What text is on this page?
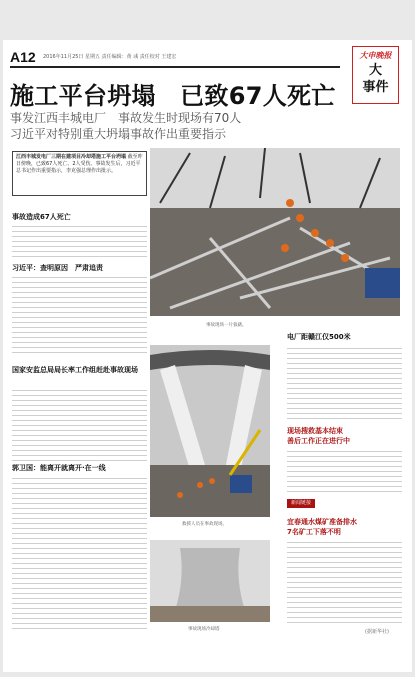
A12 2016年11月25日 星期五 责任编辑：黄 彧 责任校对 王建宏	大申晚报
大
事件
施工平台坍塌　已致67人死亡
事发江西丰城电厂　事故发生时现场有70人
习近平对特别重大坍塌事故作出重要指示
江西丰城发电厂三期在建项目冷却塔施工平台坍塌 截至昨日傍晚，已致67人死亡、2人受伤。事故发生后，习近平总书记作出重要指示，李克强总理作出批示。
事故造成67人死亡
习近平：查明原因　严肃追责
国家安监总局局长率工作组赶赴事故现场
郭卫国：能离开就离开·在一线
事故现场一片狼藉。
救援人员在事故现场。
事故现场冷却塔
电厂距赣江仅500米
现场搜救基本结束
善后工作正在进行中
新闻链接
宜春通水煤矿准备排水
7名矿工下落不明
(据新华社)
